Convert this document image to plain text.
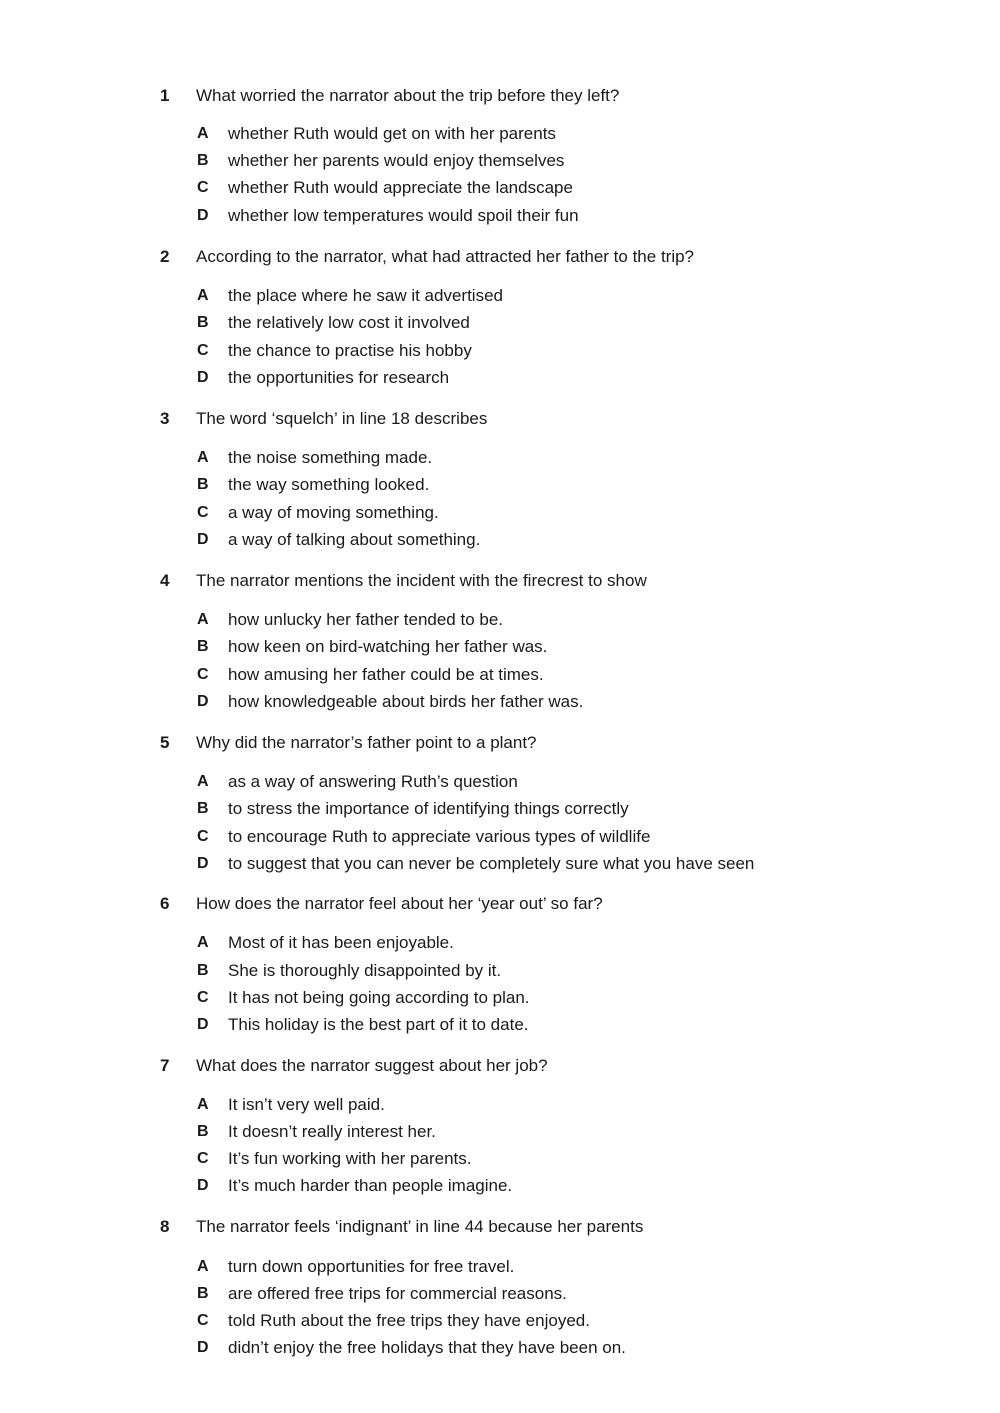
1	What worried the narrator about the trip before they left?
A	whether Ruth would get on with her parents
B	whether her parents would enjoy themselves
C	whether Ruth would appreciate the landscape
D	whether low temperatures would spoil their fun
2	According to the narrator, what had attracted her father to the trip?
A	the place where he saw it advertised
B	the relatively low cost it involved
C	the chance to practise his hobby
D	the opportunities for research
3	The word ‘squelch’ in line 18 describes
A	the noise something made.
B	the way something looked.
C	a way of moving something.
D	a way of talking about something.
4	The narrator mentions the incident with the firecrest to show
A	how unlucky her father tended to be.
B	how keen on bird-watching her father was.
C	how amusing her father could be at times.
D	how knowledgeable about birds her father was.
5	Why did the narrator’s father point to a plant?
A	as a way of answering Ruth’s question
B	to stress the importance of identifying things correctly
C	to encourage Ruth to appreciate various types of wildlife
D	to suggest that you can never be completely sure what you have seen
6	How does the narrator feel about her ‘year out’ so far?
A	Most of it has been enjoyable.
B	She is thoroughly disappointed by it.
C	It has not being going according to plan.
D	This holiday is the best part of it to date.
7	What does the narrator suggest about her job?
A	It isn’t very well paid.
B	It doesn’t really interest her.
C	It’s fun working with her parents.
D	It’s much harder than people imagine.
8	The narrator feels ‘indignant’ in line 44 because her parents
A	turn down opportunities for free travel.
B	are offered free trips for commercial reasons.
C	told Ruth about the free trips they have enjoyed.
D	didn’t enjoy the free holidays that they have been on.
